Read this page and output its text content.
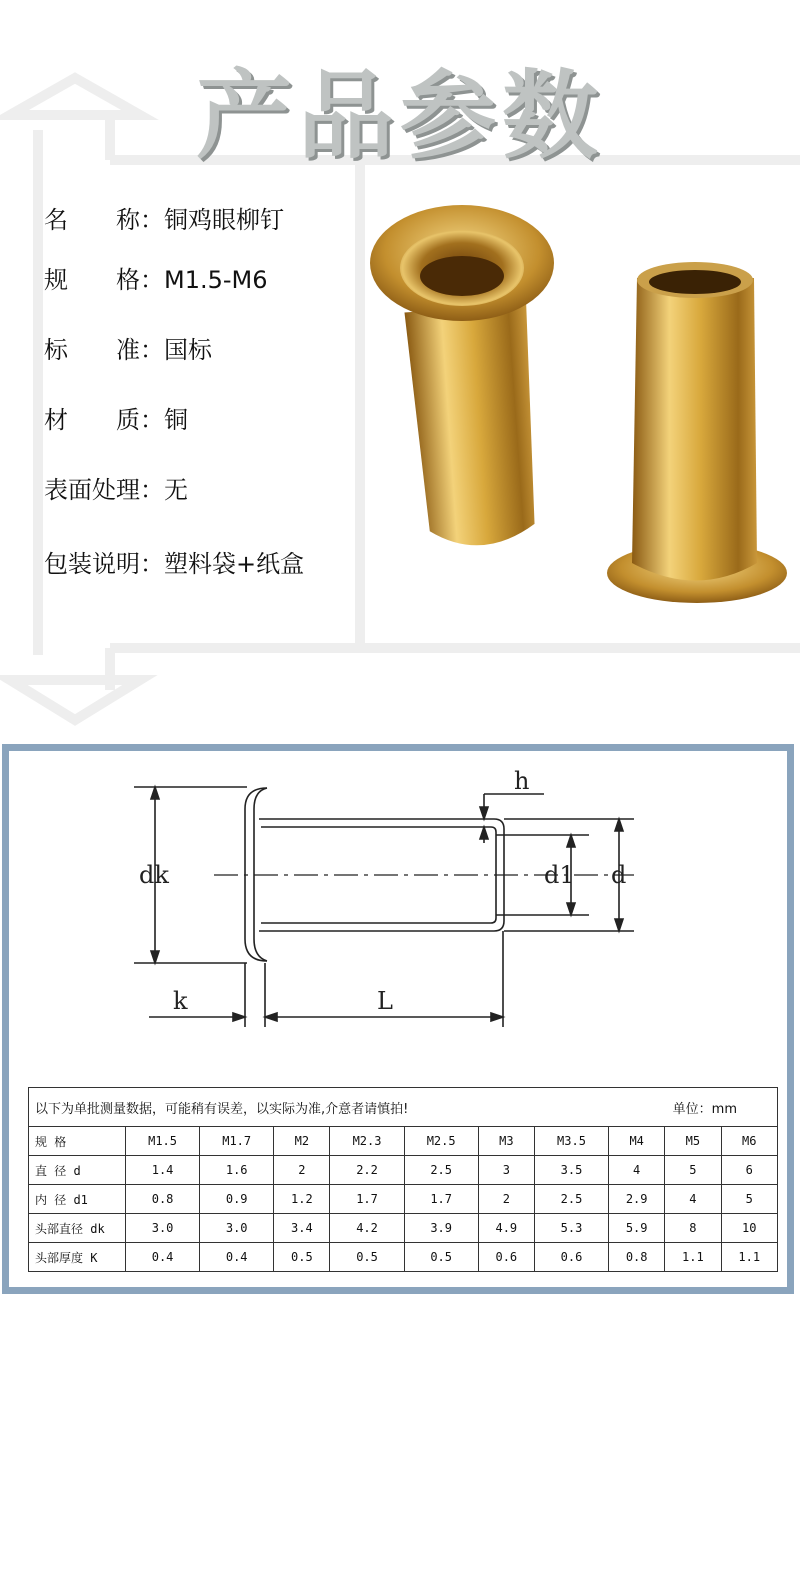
产品参数
名　　称：铜鸡眼柳钉
规　　格：M1.5-M6
标　　准：国标
材　　质：铜
表面处理：无
包装说明：塑料袋+纸盒
h
dk	d1 d
k	L
以下为单批测量数据，可能稍有误差，以实际为准,介意者请慎拍! 单位：mm										

规 格	M1.5	M1.7	M2	M2.3	M2.5	M3	M3.5	M4	M5	M6
直 径 d	1.4	1.6	2	2.2	2.5	3	3.5	4	5	6
内 径 d1	0.8	0.9	1.2	1.7	1.7	2	2.5	2.9	4	5
头部直径 dk	3.0	3.0	3.4	4.2	3.9	4.9	5.3	5.9	8	10
头部厚度 K	0.4	0.4	0.5	0.5	0.5	0.6	0.6	0.8	1.1	1.1
